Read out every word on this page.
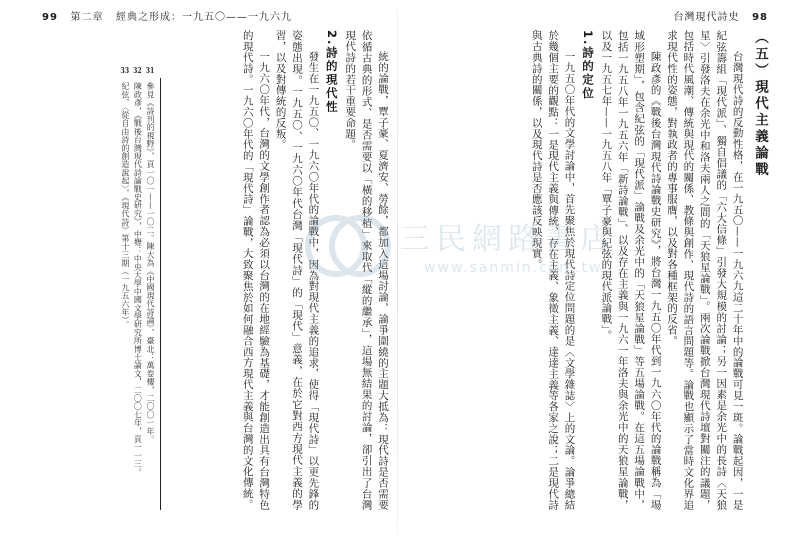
99 第二章 經典之形成：一九五〇——一九六九

統的論戰，覃子豪、夏濟安、勞餘，都加入這場討論，論爭圍繞的主題大抵為：現代詩是否需要依循古典的形式、是否需要以「橫的移植」來取代「縱的繼承」，這場無結果的討論，卻引出了台灣現代詩的若干重要命題。

2.詩的現代性

發生在一九五〇、一九六〇年代的論戰中，因為對現代主義的追求，使得「現代詩」以更先鋒的姿態出現。一九五〇、一九六〇年代台灣「現代詩」的「現代」意義，在於它對西方現代主義的學習，以及對傳統的反叛。

一九六〇年代，台灣的文學創作者認為必須以台灣的在地經驗為基礎，才能創造出具有台灣特色的現代詩。一九六〇年代的「現代詩」論戰，大致聚焦於如何融合西方現代主義與台灣的文化傳統。

31　參見《詩刊的視野》，頁一〇一——一〇二。陳大為《中國現代詩論》，臺北：萬卷樓，二〇〇一年。

32　陳政彥，《戰後台灣現代詩論戰史研究》，中壢：中央大學中國文學研究所博士論文，二〇〇七年，頁一一三。

33　紀弦，〈從自由詩的創造說起〉，《現代詩》第十三期（一九五六年）。

台灣現代詩史 98
（五）現代主義論戰

台灣現代詩的反動性格，在一九五〇——一九六九這二十年中的論戰可見一斑。論戰起因，一是紀弦籌組「現代派」、獨自倡議的「六大信條」引發大規模的討論；另一因素是余光中的長詩〈天狼星〉引發洛夫在余光中和洛夫兩人之間的「天狼星論戰」。兩次論戰掀台灣現代詩壇對關注的議題，包括時代風潮、傳統與現代的關係、教條與創作、現代詩的語言問題等。論戰也顯示了當時文化界追求現代性的姿態，對執政者的專事服膺，以及對各種框架的反省。

陳政彥的《戰後台灣現代詩論戰史研究》，將台灣一九五〇年代到一九六〇年代的論戰稱為「場域形塑期」，包含紀弦的「現代派」論戰及余光中的「天狼星論戰」等五場論戰。在這五場論戰中，包括一九五八年一九五六年「新詩論戰」、以及存在主義與一九六一年洛夫與余光中的天狼星論戰，以及一九五七年——一九五八年「覃子豪與紀弦的現代派論戰」。

1.詩的定位

一九五〇年代的文學討論中，首先聚焦於現代詩定位問題的是〈文學雜誌〉上的文論。論爭總結於幾個主要的觀點：一是現代主義與傳統、存在主義、象徵主義、達達主義等各家之說；二是現代詩與古典詩的關係，以及現代詩是否應該反映現實。

三民網路書店
www.sanmin.com.tw
